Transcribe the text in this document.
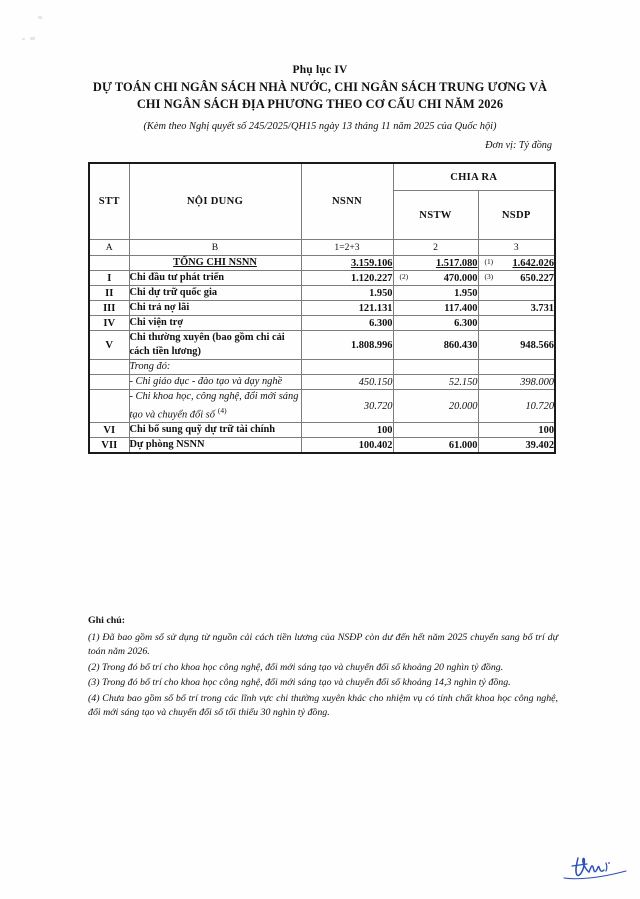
Phụ lục IV
DỰ TOÁN CHI NGÂN SÁCH NHÀ NƯỚC, CHI NGÂN SÁCH TRUNG ƯƠNG VÀ
CHI NGÂN SÁCH ĐỊA PHƯƠNG THEO CƠ CẤU CHI NĂM 2026
(Kèm theo Nghị quyết số 245/2025/QH15 ngày 13 tháng 11 năm 2025 của Quốc hội)
Đơn vị: Tỷ đồng
STT	NỘI DUNG	NSNN	CHIA RA	
			NSTW	NSDP
A	B	1=2+3	2	3
	TỔNG CHI NSNN	3.159.106	1.517.080	(1) 1.642.026
I	Chi đầu tư phát triển	1.120.227	(2) 470.000	(3) 650.227
II	Chi dự trữ quốc gia	1.950	1.950	
III	Chi trả nợ lãi	121.131	117.400	3.731
IV	Chi viện trợ	6.300	6.300	
V	Chi thường xuyên (bao gồm chi cải cách tiền lương)	1.808.996	860.430	948.566
	Trong đó:			
	- Chi giáo dục - đào tạo và dạy nghề	450.150	52.150	398.000
	- Chi khoa học, công nghệ, đổi mới sáng tạo và chuyển đổi số $^{(4)}$	30.720	20.000	10.720
VI	Chi bổ sung quỹ dự trữ tài chính	100		100
VII	Dự phòng NSNN	100.402	61.000	39.402
Ghi chú:

(1) Đã bao gồm số sử dụng từ nguồn cải cách tiền lương của NSĐP còn dư đến hết năm 2025 chuyển sang bố trí dự toán năm 2026.

(2) Trong đó bố trí cho khoa học công nghệ, đổi mới sáng tạo và chuyển đổi số khoảng 20 nghìn tỷ đồng.

(3) Trong đó bố trí cho khoa học công nghệ, đổi mới sáng tạo và chuyển đổi số khoảng 14,3 nghìn tỷ đồng.

(4) Chưa bao gồm số bố trí trong các lĩnh vực chi thường xuyên khác cho nhiệm vụ có tính chất khoa học công nghệ, đổi mới sáng tạo và chuyển đổi số tối thiểu 30 nghìn tỷ đồng.
